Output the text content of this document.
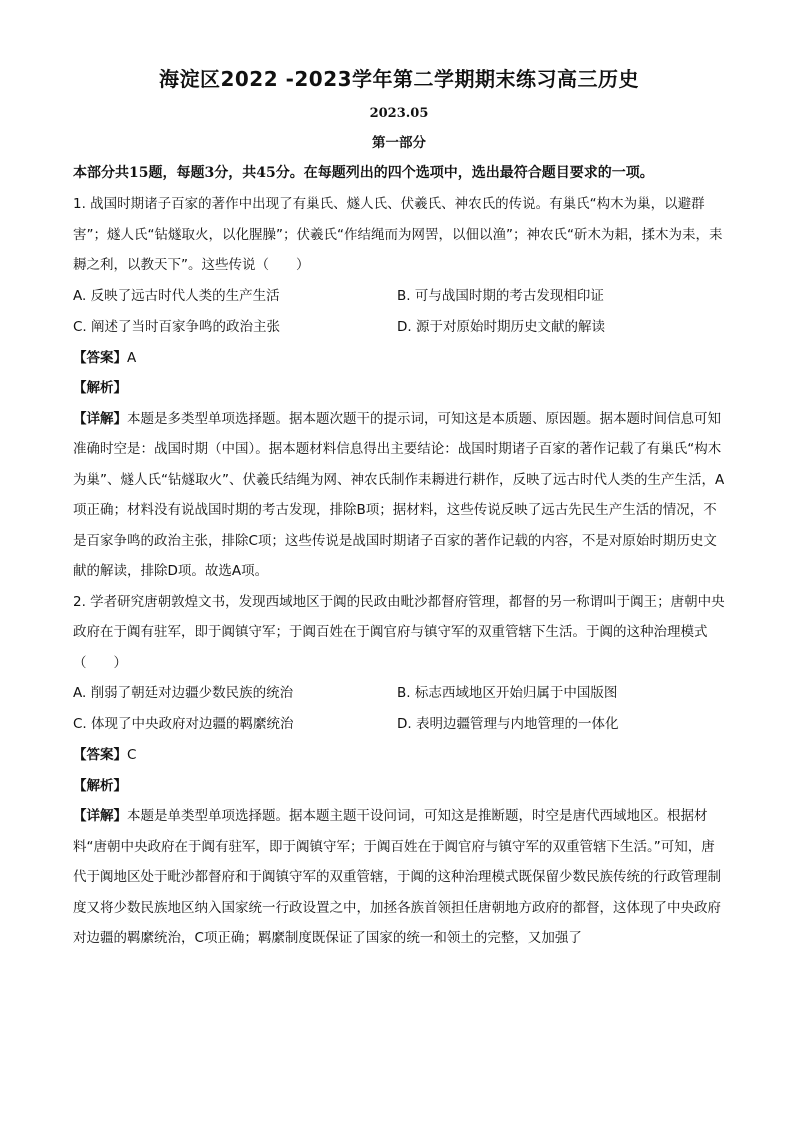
海淀区2022 -2023学年第二学期期末练习高三历史
2023.05
第一部分
本部分共15题，每题3分，共45分。在每题列出的四个选项中，选出最符合题目要求的一项。
1. 战国时期诸子百家的著作中出现了有巢氏、燧人氏、伏羲氏、神农氏的传说。有巢氏“构木为巢，以避群害”；燧人氏“钻燧取火，以化腥臊”；伏羲氏“作结绳而为网罟，以佃以渔”；神农氏“斫木为耜，揉木为耒，耒耨之利，以教天下”。这些传说（　　）
A. 反映了远古时代人类的生产生活	B. 可与战国时期的考古发现相印证
C. 阐述了当时百家争鸣的政治主张	D. 源于对原始时期历史文献的解读
【答案】A
【解析】
【详解】本题是多类型单项选择题。据本题次题干的提示词，可知这是本质题、原因题。据本题时间信息可知准确时空是：战国时期（中国）。据本题材料信息得出主要结论：战国时期诸子百家的著作记载了有巢氏“构木为巢”、燧人氏“钻燧取火”、伏羲氏结绳为网、神农氏制作耒耨进行耕作，反映了远古时代人类的生产生活，A项正确；材料没有说战国时期的考古发现，排除B项；据材料，这些传说反映了远古先民生产生活的情况，不是百家争鸣的政治主张，排除C项；这些传说是战国时期诸子百家的著作记载的内容，不是对原始时期历史文献的解读，排除D项。故选A项。
2. 学者研究唐朝敦煌文书，发现西域地区于阗的民政由毗沙都督府管理，都督的另一称谓叫于阗王；唐朝中央政府在于阗有驻军，即于阗镇守军；于阗百姓在于阗官府与镇守军的双重管辖下生活。于阗的这种治理模式（　　）
A. 削弱了朝廷对边疆少数民族的统治	B. 标志西域地区开始归属于中国版图
C. 体现了中央政府对边疆的羁縻统治	D. 表明边疆管理与内地管理的一体化
【答案】C
【解析】
【详解】本题是单类型单项选择题。据本题主题干设问词，可知这是推断题，时空是唐代西域地区。根据材料“唐朝中央政府在于阗有驻军，即于阗镇守军；于阗百姓在于阗官府与镇守军的双重管辖下生活。”可知，唐代于阗地区处于毗沙都督府和于阗镇守军的双重管辖，于阗的这种治理模式既保留少数民族传统的行政管理制度又将少数民族地区纳入国家统一行政设置之中，加拯各族首领担任唐朝地方政府的都督，这体现了中央政府对边疆的羁縻统治，C项正确；羁縻制度既保证了国家的统一和领土的完整，又加强了
